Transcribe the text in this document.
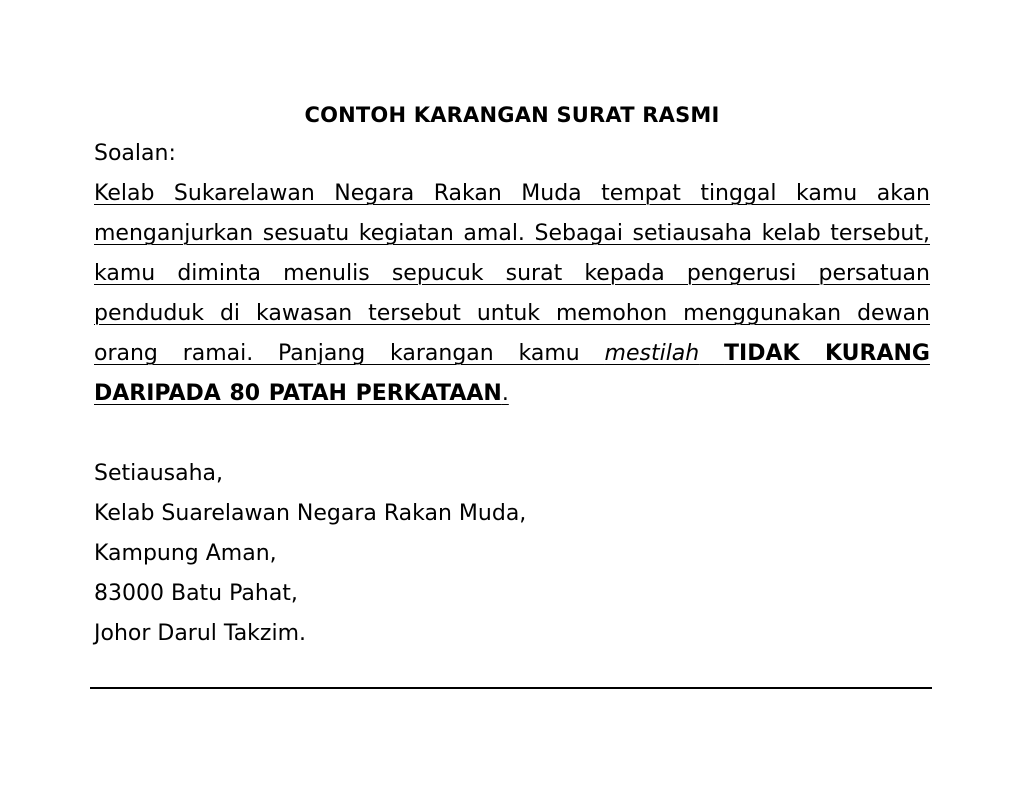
CONTOH KARANGAN SURAT RASMI
Soalan:
Kelab Sukarelawan Negara Rakan Muda tempat tinggal kamu akan menganjurkan sesuatu kegiatan amal. Sebagai setiausaha kelab tersebut, kamu diminta menulis sepucuk surat kepada pengerusi persatuan penduduk di kawasan tersebut untuk memohon menggunakan dewan orang ramai. Panjang karangan kamu mestilah TIDAK KURANG DARIPADA 80 PATAH PERKATAAN.
Setiausaha,
Kelab Suarelawan Negara Rakan Muda,
Kampung Aman,
83000 Batu Pahat,
Johor Darul Takzim.
